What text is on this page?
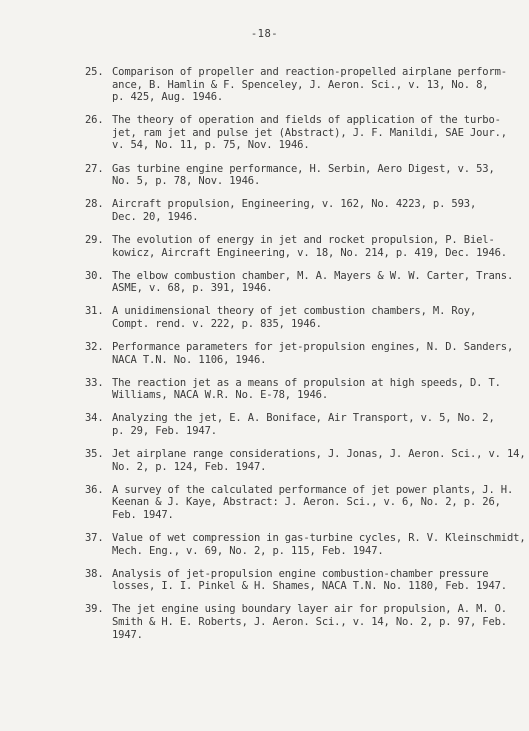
-18-
25. Comparison of propeller and reaction-propelled airplane perform-
ance, B. Hamlin & F. Spenceley, J. Aeron. Sci., v. 13, No. 8,
p. 425, Aug. 1946.
26. The theory of operation and fields of application of the turbo-
jet, ram jet and pulse jet (Abstract), J. F. Manildi, SAE Jour.,
v. 54, No. 11, p. 75, Nov. 1946.
27. Gas turbine engine performance, H. Serbin, Aero Digest, v. 53,
No. 5, p. 78, Nov. 1946.
28. Aircraft propulsion, Engineering, v. 162, No. 4223, p. 593,
Dec. 20, 1946.
29. The evolution of energy in jet and rocket propulsion, P. Biel-
kowicz, Aircraft Engineering, v. 18, No. 214, p. 419, Dec. 1946.
30. The elbow combustion chamber, M. A. Mayers & W. W. Carter, Trans.
ASME, v. 68, p. 391, 1946.
31. A unidimensional theory of jet combustion chambers, M. Roy,
Compt. rend. v. 222, p. 835, 1946.
32. Performance parameters for jet-propulsion engines, N. D. Sanders,
NACA T.N. No. 1106, 1946.
33. The reaction jet as a means of propulsion at high speeds, D. T.
Williams, NACA W.R. No. E-78, 1946.
34. Analyzing the jet, E. A. Boniface, Air Transport, v. 5, No. 2,
p. 29, Feb. 1947.
35. Jet airplane range considerations, J. Jonas, J. Aeron. Sci., v. 14,
No. 2, p. 124, Feb. 1947.
36. A survey of the calculated performance of jet power plants, J. H.
Keenan & J. Kaye, Abstract: J. Aeron. Sci., v. 6, No. 2, p. 26,
Feb. 1947.
37. Value of wet compression in gas-turbine cycles, R. V. Kleinschmidt,
Mech. Eng., v. 69, No. 2, p. 115, Feb. 1947.
38. Analysis of jet-propulsion engine combustion-chamber pressure
losses, I. I. Pinkel & H. Shames, NACA T.N. No. 1180, Feb. 1947.
39. The jet engine using boundary layer air for propulsion, A. M. O.
Smith & H. E. Roberts, J. Aeron. Sci., v. 14, No. 2, p. 97, Feb.
1947.
